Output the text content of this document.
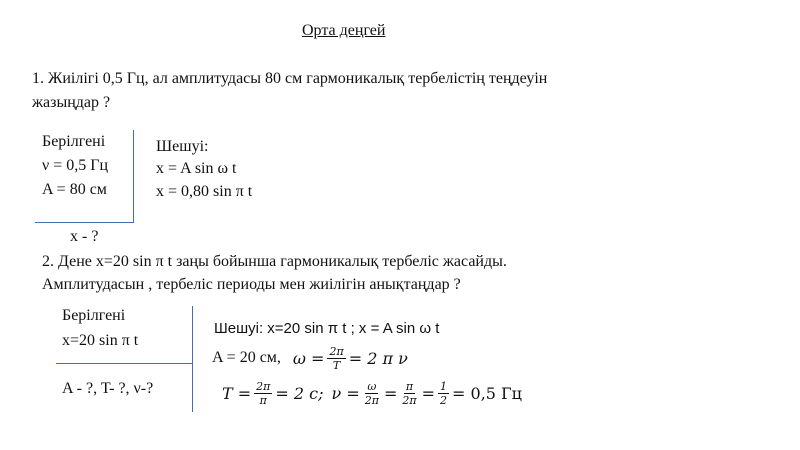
Орта деңгей
1. Жиілігі 0,5 Гц, ал амплитудасы 80 см гармоникалық тербелістің теңдеуін
жазыңдар ?
Берілгені
ν = 0,5 Гц
A = 80 см
x - ?
Шешуі:
x = A sin ω t
x = 0,80 sin π t
2. Дене x=20 sin π t заңы бойынша гармоникалық тербеліс жасайды.
Амплитудасын , тербеліс периоды мен жиілігін анықтаңдар ?
Берілгені
x=20 sin π t
A - ?, T- ?, ν-?
Шешуі: x=20 sin π t ; x = A sin ω t
A = 20 см, $\omega = \frac{2\pi}{T} = 2$ π ν
$T = \frac{2\pi}{\pi} = 2$ c; $\nu = \frac{\omega}{2\pi} = \frac{\pi}{2\pi} = \frac{1}{2} = 0,5$ Гц
